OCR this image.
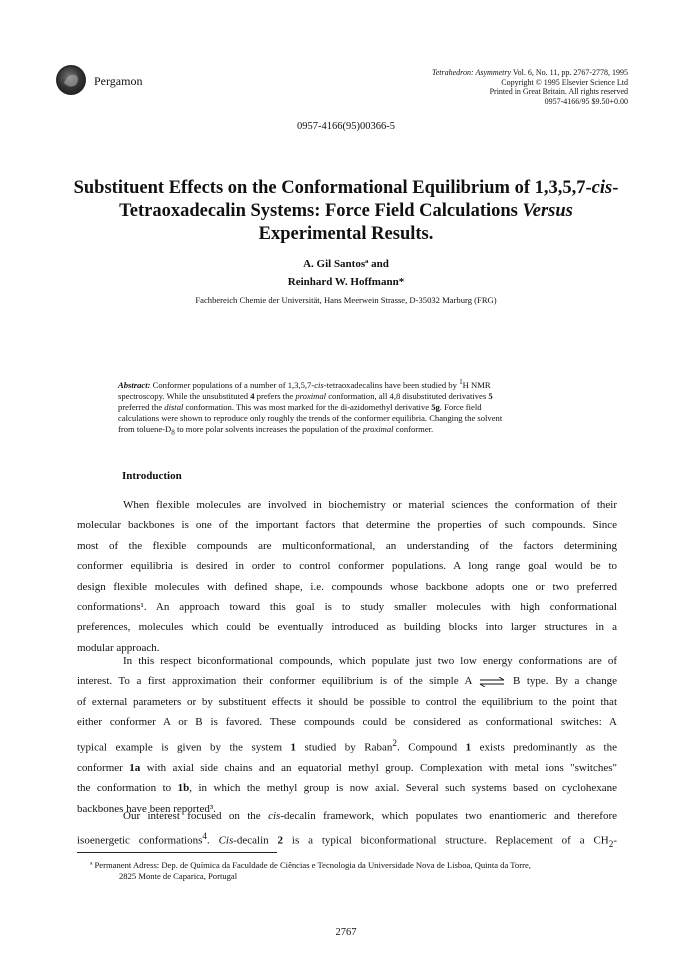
Pergamon
Tetrahedron: Asymmetry Vol. 6, No. 11, pp. 2767-2778, 1995
Copyright © 1995 Elsevier Science Ltd
Printed in Great Britain. All rights reserved
0957-4166/95 $9.50+0.00
0957-4166(95)00366-5
Substituent Effects on the Conformational Equilibrium of 1,3,5,7-cis-
Tetraoxadecalin Systems: Force Field Calculations Versus
Experimental Results.
A. Gil Santosª and
Reinhard W. Hoffmann*
Fachbereich Chemie der Universität, Hans Meerwein Strasse, D-35032 Marburg (FRG)
Abstract: Conformer populations of a number of 1,3,5,7-cis-tetraoxadecalins have been studied by $^1$H NMR
spectroscopy. While the unsubstituted 4 prefers the proximal conformation, all 4,8 disubstituted derivatives 5
preferred the distal conformation. This was most marked for the di-azidomethyl derivative 5g. Force field
calculations were shown to reproduce only roughly the trends of the conformer equilibria. Changing the solvent
from toluene-$D_8$ to more polar solvents increases the population of the proximal conformer.
Introduction
When flexible molecules are involved in biochemistry or material sciences the conformation of their
molecular backbones is one of the important factors that determine the properties of such compounds. Since
most of the flexible compounds are multiconformational, an understanding of the factors determining
conformer equilibria is desired in order to control conformer populations. A long range goal would be to
design flexible molecules with defined shape, i.e. compounds whose backbone adopts one or two preferred
conformations¹. An approach toward this goal is to study smaller molecules with high conformational
preferences, molecules which could be eventually introduced as building blocks into larger structures in a
modular approach.
In this respect biconformational compounds, which populate just two low energy conformations are of
interest. To a first approximation their conformer equilibrium is of the simple A ⇌ B type. By a change
of external parameters or by substituent effects it should be possible to control the equilibrium to the point that
either conformer A or B is favored. These compounds could be considered as conformational switches: A
typical example is given by the system 1 studied by Raban$^2$. Compound 1 exists predominantly as the
conformer 1a with axial side chains and an equatorial methyl group. Complexation with metal ions "switches"
the conformation to 1b, in which the methyl group is now axial. Several such systems based on cyclohexane
backbones have been reported³.
Our interest focused on the cis-decalin framework, which populates two enantiomeric and therefore
isoenergetic conformations$^4$. Cis-decalin 2 is a typical biconformational structure. Replacement of a $CH_2-$
ª Permanent Adress: Dep. de Química da Faculdade de Ciências e Tecnologia da Universidade Nova de Lisboa, Quinta da Torre,
2825 Monte de Caparica, Portugal
2767
